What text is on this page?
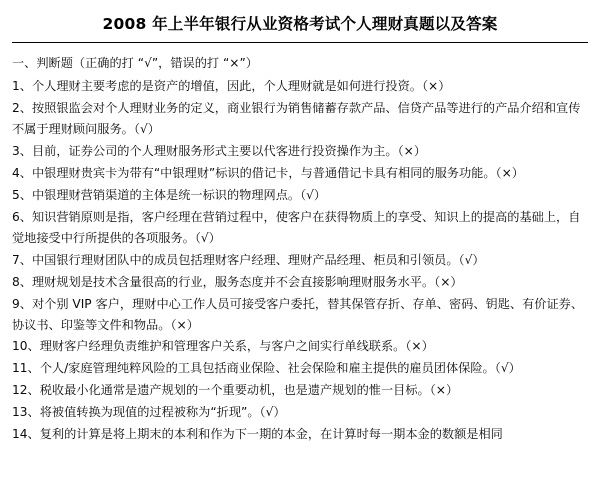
2008 年上半年银行从业资格考试个人理财真题以及答案

一、判断题（正确的打 “√”，错误的打 “×”）

1、个人理财主要考虑的是资产的增值，因此，个人理财就是如何进行投资。（×）

2、按照银监会对个人理财业务的定义，商业银行为销售储蓄存款产品、信贷产品等进行的产品介绍和宣传不属于理财顾问服务。（√）

3、目前，证券公司的个人理财服务形式主要以代客进行投资操作为主。（×）

4、中银理财贵宾卡为带有“中银理财”标识的借记卡，与普通借记卡具有相同的服务功能。（×）

5、中银理财营销渠道的主体是统一标识的物理网点。（√）

6、知识营销原则是指，客户经理在营销过程中，使客户在获得物质上的享受、知识上的提高的基础上，自觉地接受中行所提供的各项服务。（√）

7、中国银行理财团队中的成员包括理财客户经理、理财产品经理、柜员和引领员。（√）

8、理财规划是技术含量很高的行业，服务态度并不会直接影响理财服务水平。（×）

9、对个别 VIP 客户，理财中心工作人员可接受客户委托，替其保管存折、存单、密码、钥匙、有价证券、协议书、印鉴等文件和物品。（×）

10、理财客户经理负责维护和管理客户关系，与客户之间实行单线联系。（×）

11、个人/家庭管理纯粹风险的工具包括商业保险、社会保险和雇主提供的雇员团体保险。（√）

12、税收最小化通常是遗产规划的一个重要动机，也是遗产规划的惟一目标。（×）

13、将被值转换为现值的过程被称为“折现”。（√）

14、复利的计算是将上期末的本利和作为下一期的本金，在计算时每一期本金的数额是相同
